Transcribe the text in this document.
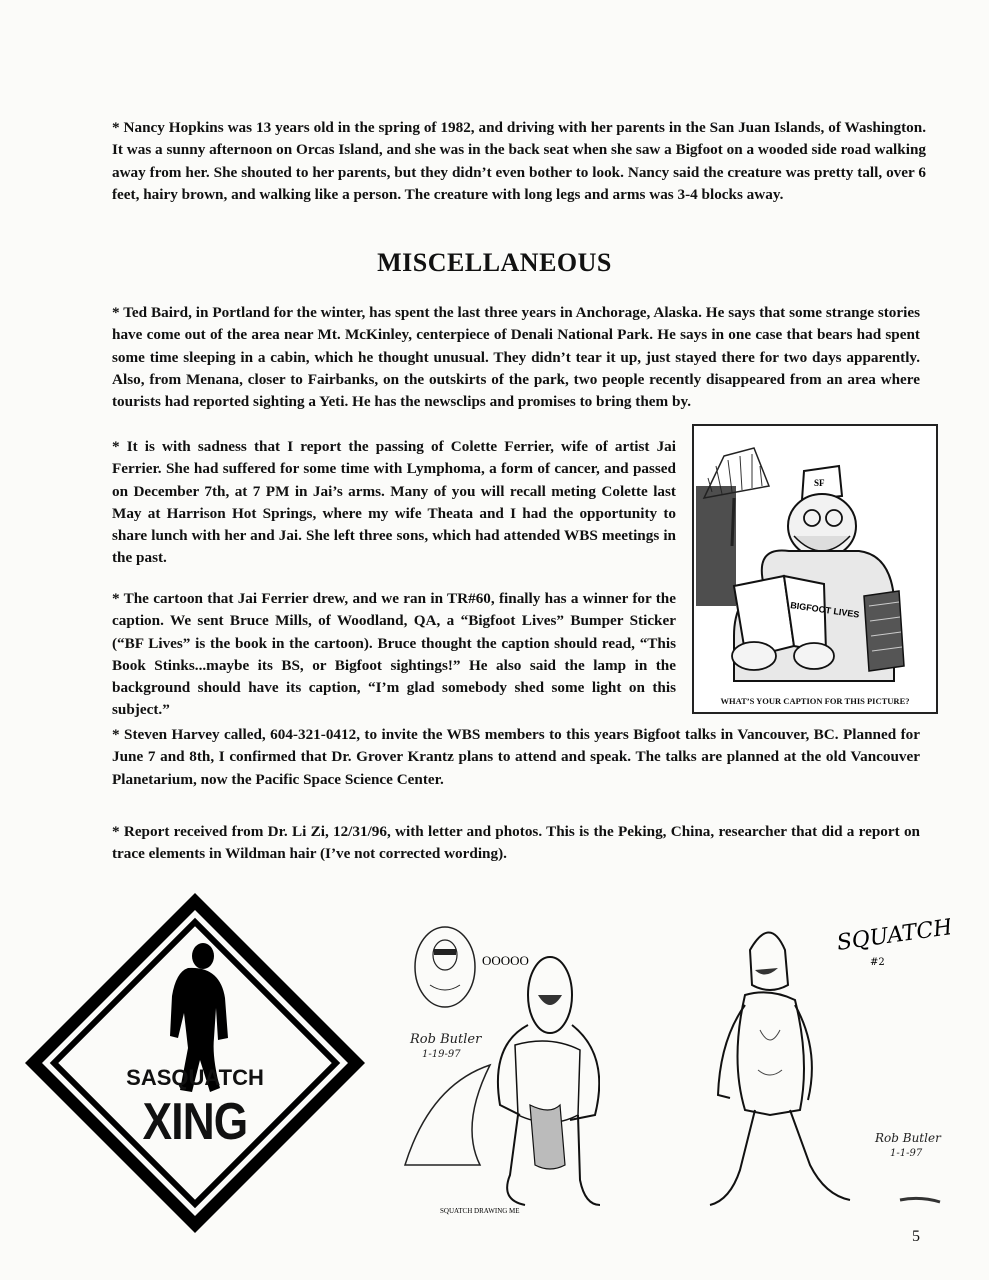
* Nancy Hopkins was 13 years old in the spring of 1982, and driving with her parents in the San Juan Islands, of Washington. It was a sunny afternoon on Orcas Island, and she was in the back seat when she saw a Bigfoot on a wooded side road walking away from her. She shouted to her parents, but they didn’t even bother to look. Nancy said the creature was pretty tall, over 6 feet, hairy brown, and walking like a person. The creature with long legs and arms was 3-4 blocks away.

MISCELLANEOUS

* Ted Baird, in Portland for the winter, has spent the last three years in Anchorage, Alaska. He says that some strange stories have come out of the area near Mt. McKinley, centerpiece of Denali National Park. He says in one case that bears had spent some time sleeping in a cabin, which he thought unusual. They didn’t tear it up, just stayed there for two days apparently. Also, from Menana, closer to Fairbanks, on the outskirts of the park, two people recently disappeared from an area where tourists had reported sighting a Yeti. He has the newsclips and promises to bring them by.

* It is with sadness that I report the passing of Colette Ferrier, wife of artist Jai Ferrier. She had suffered for some time with Lymphoma, a form of cancer, and passed on December 7th, at 7 PM in Jai’s arms. Many of you will recall meting Colette last May at Harrison Hot Springs, where my wife Theata and I had the opportunity to share lunch with her and Jai. She left three sons, which had attended WBS meetings in the past.

* The cartoon that Jai Ferrier drew, and we ran in TR#60, finally has a winner for the caption. We sent Bruce Mills, of Woodland, QA, a “Bigfoot Lives” Bumper Sticker (“BF Lives” is the book in the cartoon). Bruce thought the caption should read, “This Book Stinks...maybe its BS, or Bigfoot sightings!” He also said the lamp in the background should have its caption, “I’m glad somebody shed some light on this subject.”

* Steven Harvey called, 604-321-0412, to invite the WBS members to this years Bigfoot talks in Vancouver, BC. Planned for June 7 and 8th, I confirmed that Dr. Grover Krantz plans to attend and speak. The talks are planned at the old Vancouver Planetarium, now the Pacific Space Science Center.

* Report received from Dr. Li Zi, 12/31/96, with letter and photos. This is the Peking, China, researcher that did a report on trace elements in Wildman hair (I’ve not corrected wording).

SF
BIGFOOT LIVES
WHAT’S YOUR CAPTION FOR THIS PICTURE?
SASQUATCH
XING
OOOOO
Rob Butler
1-19-97
SQUATCH DRAWING ME
SQUATCH
#2
Rob Butler
1-1-97
5
